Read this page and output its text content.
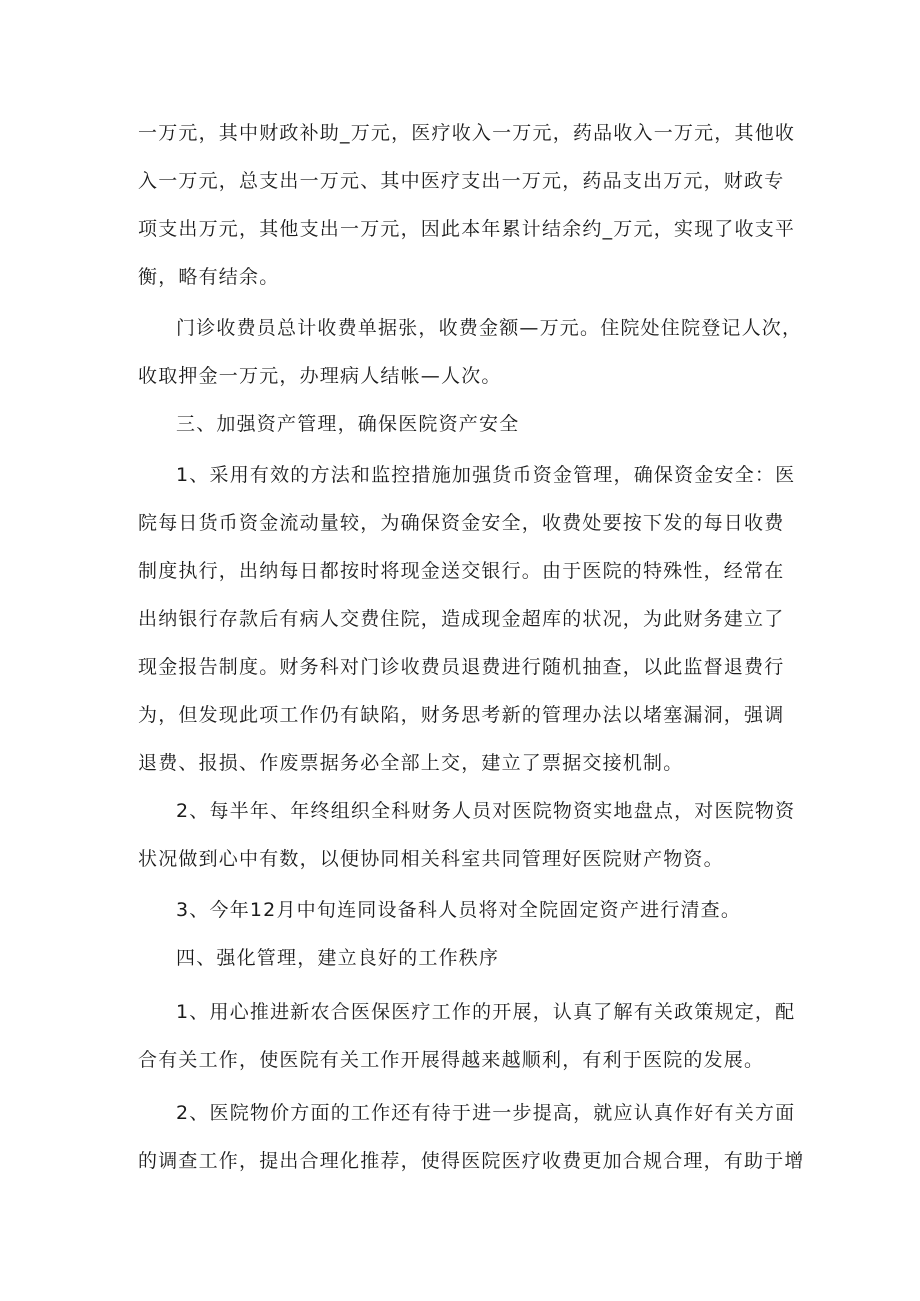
一万元，其中财政补助_万元，医疗收入一万元，药品收入一万元，其他收
入一万元，总支出一万元、其中医疗支出一万元，药品支出万元，财政专
项支出万元，其他支出一万元，因此本年累计结余约_万元，实现了收支平
衡，略有结余。
门诊收费员总计收费单据张，收费金额—万元。住院处住院登记人次，
收取押金一万元，办理病人结帐—人次。
三、加强资产管理，确保医院资产安全
1、采用有效的方法和监控措施加强货币资金管理，确保资金安全：医
院每日货币资金流动量较，为确保资金安全，收费处要按下发的每日收费
制度执行，出纳每日都按时将现金送交银行。由于医院的特殊性，经常在
出纳银行存款后有病人交费住院，造成现金超库的状况，为此财务建立了
现金报告制度。财务科对门诊收费员退费进行随机抽查，以此监督退费行
为，但发现此项工作仍有缺陷，财务思考新的管理办法以堵塞漏洞，强调
退费、报损、作废票据务必全部上交，建立了票据交接机制。
2、每半年、年终组织全科财务人员对医院物资实地盘点，对医院物资
状况做到心中有数，以便协同相关科室共同管理好医院财产物资。
3、今年12月中旬连同设备科人员将对全院固定资产进行清查。
四、强化管理，建立良好的工作秩序
1、用心推进新农合医保医疗工作的开展，认真了解有关政策规定，配
合有关工作，使医院有关工作开展得越来越顺利，有利于医院的发展。
2、医院物价方面的工作还有待于进一步提高，就应认真作好有关方面
的调查工作，提出合理化推荐，使得医院医疗收费更加合规合理，有助于增
